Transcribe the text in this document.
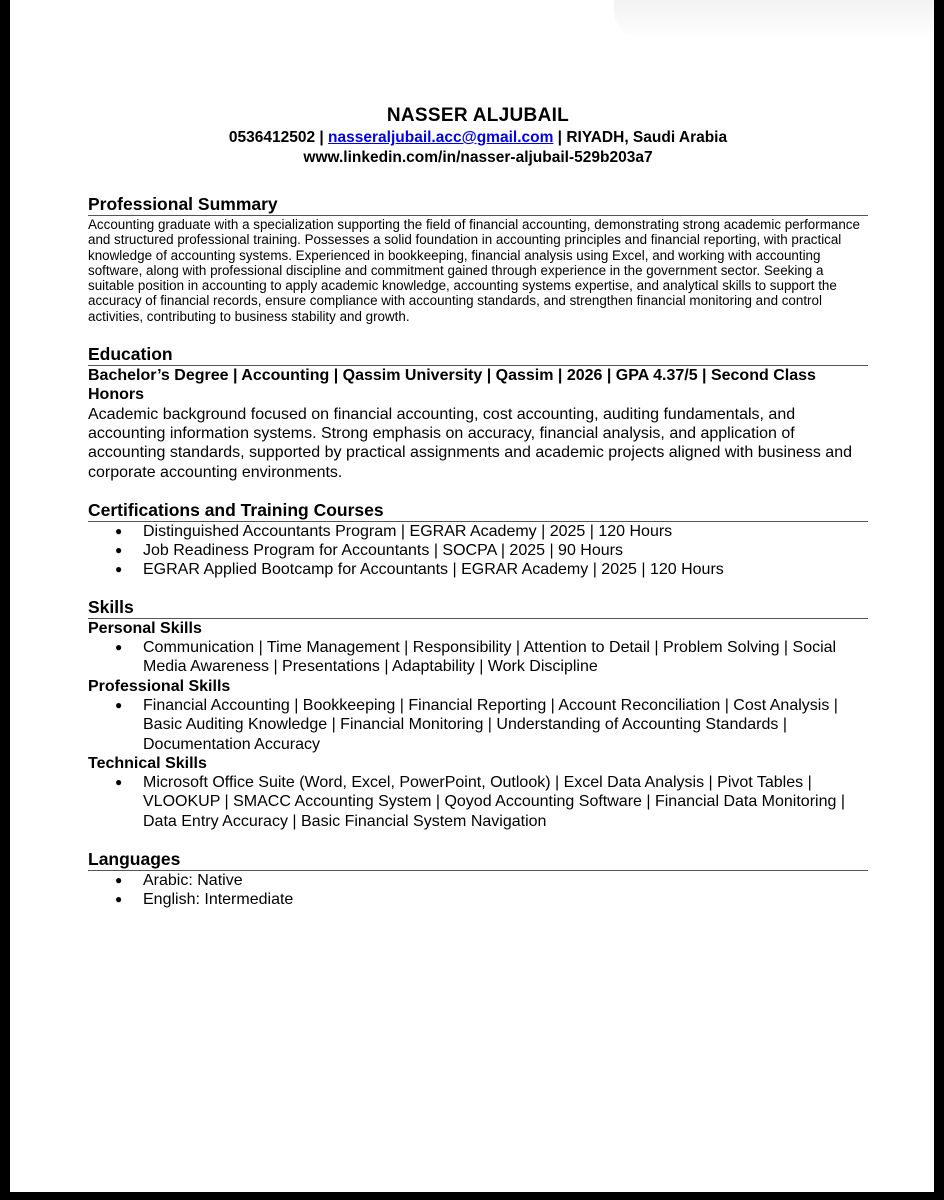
NASSER ALJUBAIL
0536412502 | nasseraljubail.acc@gmail.com | RIYADH, Saudi Arabia
www.linkedin.com/in/nasser-aljubail-529b203a7
Professional Summary
Accounting graduate with a specialization supporting the field of financial accounting, demonstrating strong academic performance and structured professional training. Possesses a solid foundation in accounting principles and financial reporting, with practical knowledge of accounting systems. Experienced in bookkeeping, financial analysis using Excel, and working with accounting software, along with professional discipline and commitment gained through experience in the government sector. Seeking a suitable position in accounting to apply academic knowledge, accounting systems expertise, and analytical skills to support the accuracy of financial records, ensure compliance with accounting standards, and strengthen financial monitoring and control activities, contributing to business stability and growth.
Education
Bachelor’s Degree | Accounting | Qassim University | Qassim | 2026 | GPA 4.37/5 | Second Class Honors
Academic background focused on financial accounting, cost accounting, auditing fundamentals, and accounting information systems. Strong emphasis on accuracy, financial analysis, and application of accounting standards, supported by practical assignments and academic projects aligned with business and corporate accounting environments.
Certifications and Training Courses
● Distinguished Accountants Program | EGRAR Academy | 2025 | 120 Hours
● Job Readiness Program for Accountants | SOCPA | 2025 | 90 Hours
● EGRAR Applied Bootcamp for Accountants | EGRAR Academy | 2025 | 120 Hours
Skills
Personal Skills
● Communication | Time Management | Responsibility | Attention to Detail | Problem Solving | Social Media Awareness | Presentations | Adaptability | Work Discipline
Professional Skills
● Financial Accounting | Bookkeeping | Financial Reporting | Account Reconciliation | Cost Analysis | Basic Auditing Knowledge | Financial Monitoring | Understanding of Accounting Standards | Documentation Accuracy
Technical Skills
● Microsoft Office Suite (Word, Excel, PowerPoint, Outlook) | Excel Data Analysis | Pivot Tables | VLOOKUP | SMACC Accounting System | Qoyod Accounting Software | Financial Data Monitoring | Data Entry Accuracy | Basic Financial System Navigation
Languages
● Arabic: Native
● English: Intermediate
